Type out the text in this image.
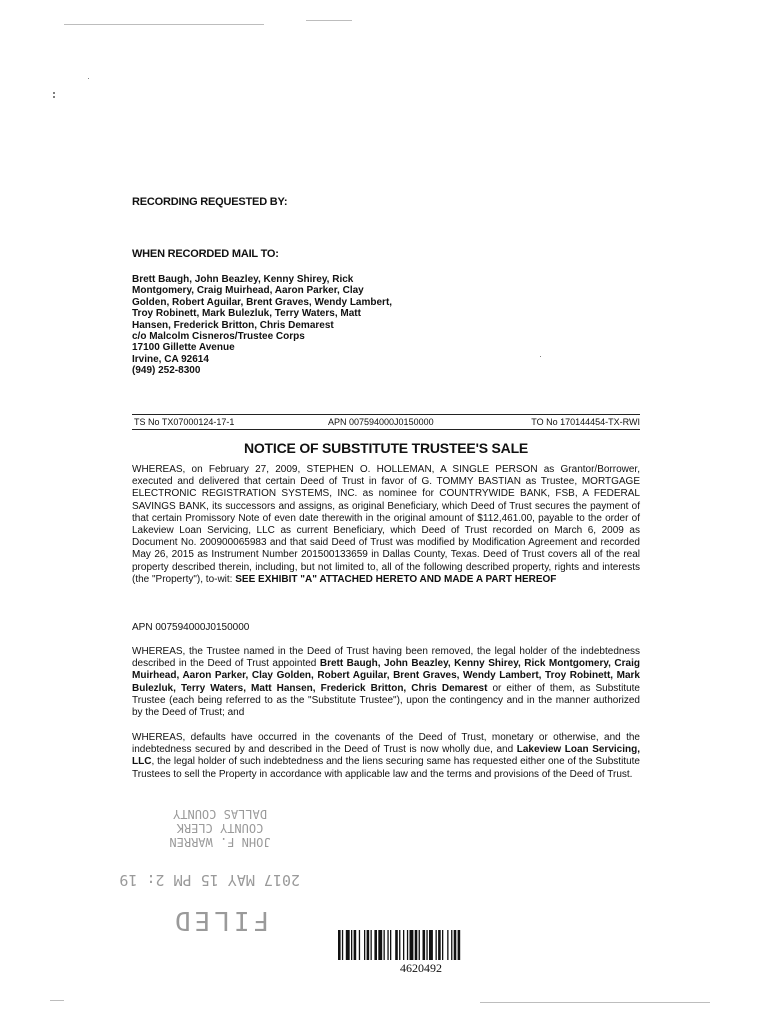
RECORDING REQUESTED BY:
WHEN RECORDED MAIL TO:
Brett Baugh, John Beazley, Kenny Shirey, Rick
Montgomery, Craig Muirhead, Aaron Parker, Clay
Golden, Robert Aguilar, Brent Graves, Wendy Lambert,
Troy Robinett, Mark Bulezluk, Terry Waters, Matt
Hansen, Frederick Britton, Chris Demarest
c/o Malcolm Cisneros/Trustee Corps
17100 Gillette Avenue
Irvine, CA 92614
(949) 252-8300
TS No TX07000124-17-1	APN 007594000J0150000	TO No 170144454-TX-RWI
NOTICE OF SUBSTITUTE TRUSTEE'S SALE
WHEREAS, on February 27, 2009, STEPHEN O. HOLLEMAN, A SINGLE PERSON as Grantor/Borrower, executed and delivered that certain Deed of Trust in favor of G. TOMMY BASTIAN as Trustee, MORTGAGE ELECTRONIC REGISTRATION SYSTEMS, INC. as nominee for COUNTRYWIDE BANK, FSB, A FEDERAL SAVINGS BANK, its successors and assigns, as original Beneficiary, which Deed of Trust secures the payment of that certain Promissory Note of even date therewith in the original amount of $112,461.00, payable to the order of Lakeview Loan Servicing, LLC as current Beneficiary, which Deed of Trust recorded on March 6, 2009 as Document No. 200900065983 and that said Deed of Trust was modified by Modification Agreement and recorded May 26, 2015 as Instrument Number 201500133659 in Dallas County, Texas. Deed of Trust covers all of the real property described therein, including, but not limited to, all of the following described property, rights and interests (the "Property"), to-wit: SEE EXHIBIT "A" ATTACHED HERETO AND MADE A PART HEREOF
APN 007594000J0150000
WHEREAS, the Trustee named in the Deed of Trust having been removed, the legal holder of the indebtedness described in the Deed of Trust appointed Brett Baugh, John Beazley, Kenny Shirey, Rick Montgomery, Craig Muirhead, Aaron Parker, Clay Golden, Robert Aguilar, Brent Graves, Wendy Lambert, Troy Robinett, Mark Bulezluk, Terry Waters, Matt Hansen, Frederick Britton, Chris Demarest or either of them, as Substitute Trustee (each being referred to as the "Substitute Trustee"), upon the contingency and in the manner authorized by the Deed of Trust; and
WHEREAS, defaults have occurred in the covenants of the Deed of Trust, monetary or otherwise, and the indebtedness secured by and described in the Deed of Trust is now wholly due, and Lakeview Loan Servicing, LLC, the legal holder of such indebtedness and the liens securing same has requested either one of the Substitute Trustees to sell the Property in accordance with applicable law and the terms and provisions of the Deed of Trust.
FILED
2017 MAY 15 PM 2: 19
JOHN F. WARREN
COUNTY CLERK
DALLAS COUNTY
4620492
